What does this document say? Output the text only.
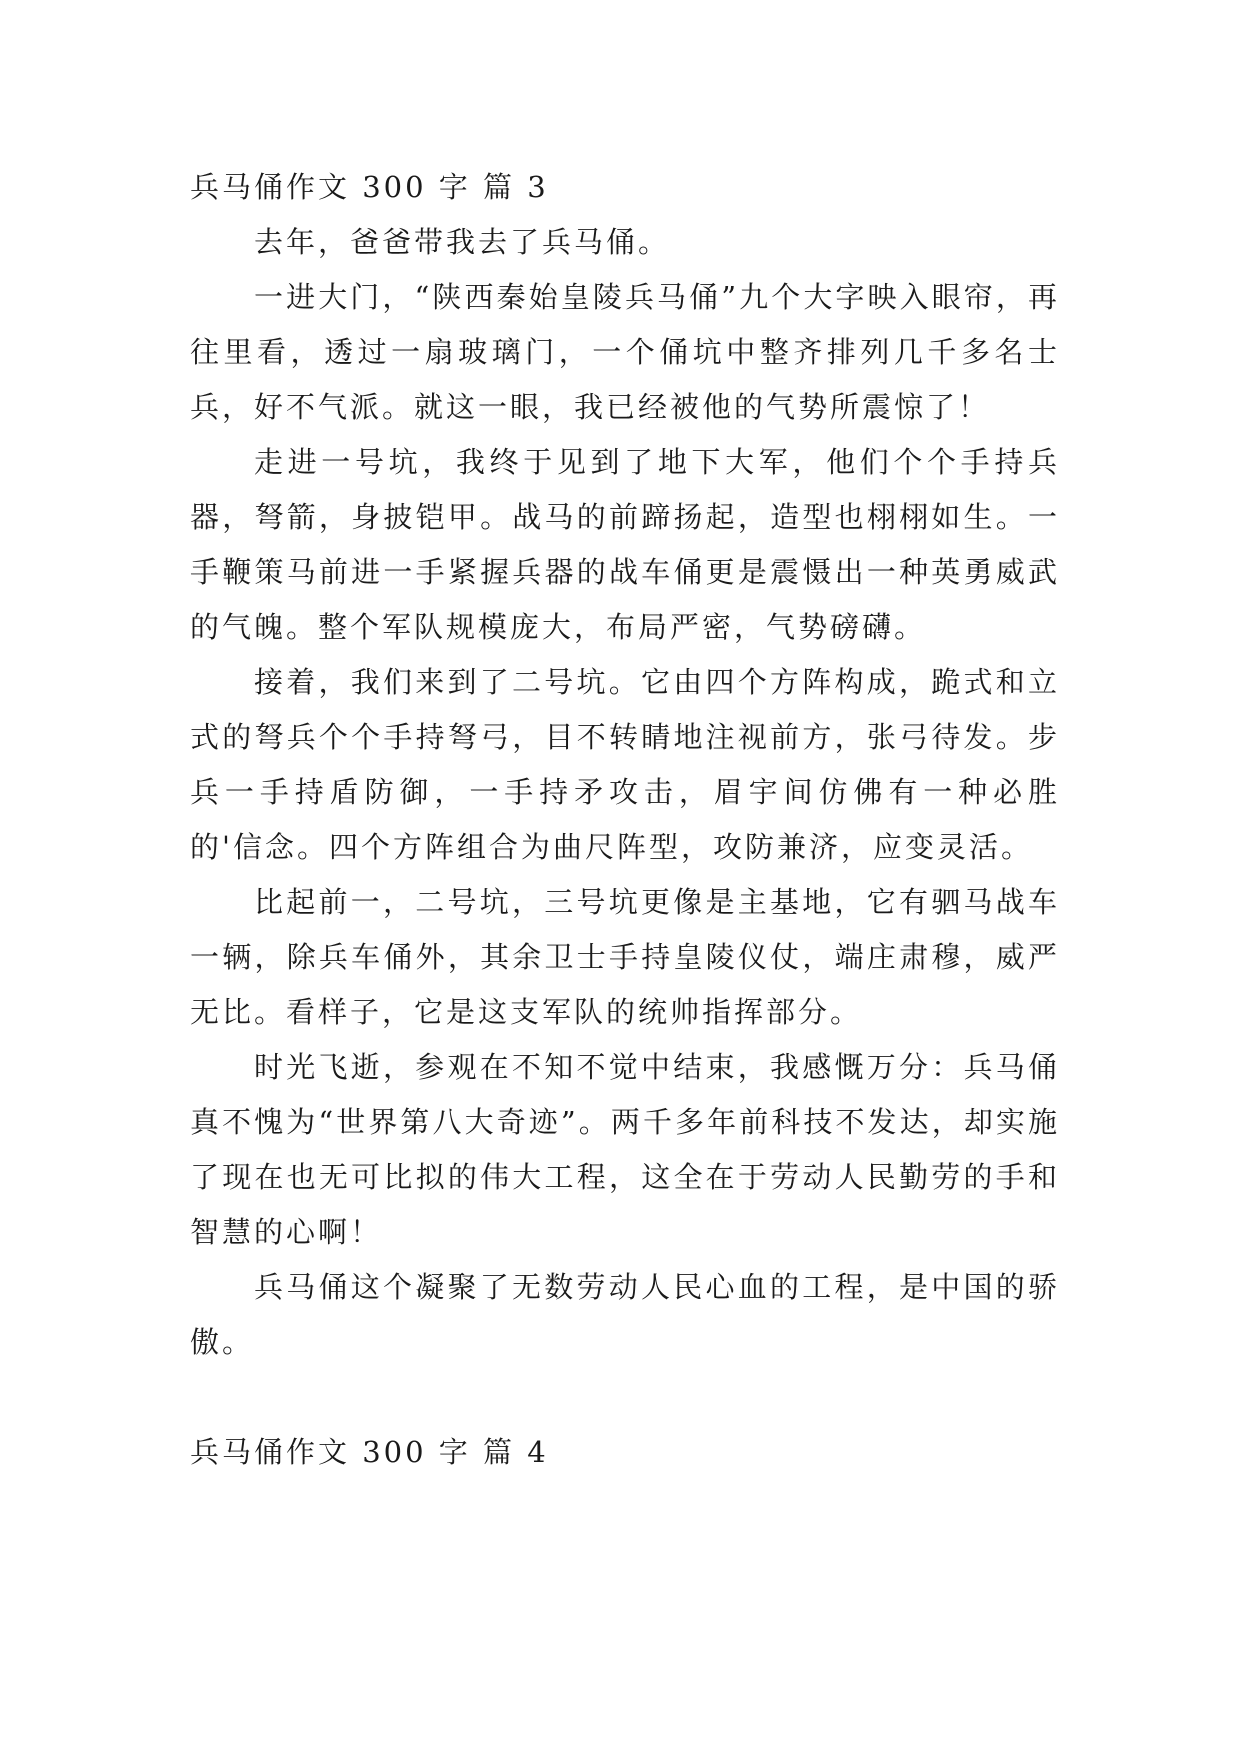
兵马俑作文 300 字 篇 3

去年，爸爸带我去了兵马俑。

一进大门，“陕西秦始皇陵兵马俑”九个大字映入眼帘，再往里看，透过一扇玻璃门，一个俑坑中整齐排列几千多名士兵，好不气派。就这一眼，我已经被他的气势所震惊了！

走进一号坑，我终于见到了地下大军，他们个个手持兵器，弩箭，身披铠甲。战马的前蹄扬起，造型也栩栩如生。一手鞭策马前进一手紧握兵器的战车俑更是震慑出一种英勇威武的气魄。整个军队规模庞大，布局严密，气势磅礴。

接着，我们来到了二号坑。它由四个方阵构成，跪式和立式的弩兵个个手持弩弓，目不转睛地注视前方，张弓待发。步兵一手持盾防御，一手持矛攻击，眉宇间仿佛有一种必胜的'信念。四个方阵组合为曲尺阵型，攻防兼济，应变灵活。

比起前一，二号坑，三号坑更像是主基地，它有驷马战车一辆，除兵车俑外，其余卫士手持皇陵仪仗，端庄肃穆，威严无比。看样子，它是这支军队的统帅指挥部分。

时光飞逝，参观在不知不觉中结束，我感慨万分：兵马俑真不愧为“世界第八大奇迹”。两千多年前科技不发达，却实施了现在也无可比拟的伟大工程，这全在于劳动人民勤劳的手和智慧的心啊！

兵马俑这个凝聚了无数劳动人民心血的工程，是中国的骄傲。

兵马俑作文 300 字 篇 4
